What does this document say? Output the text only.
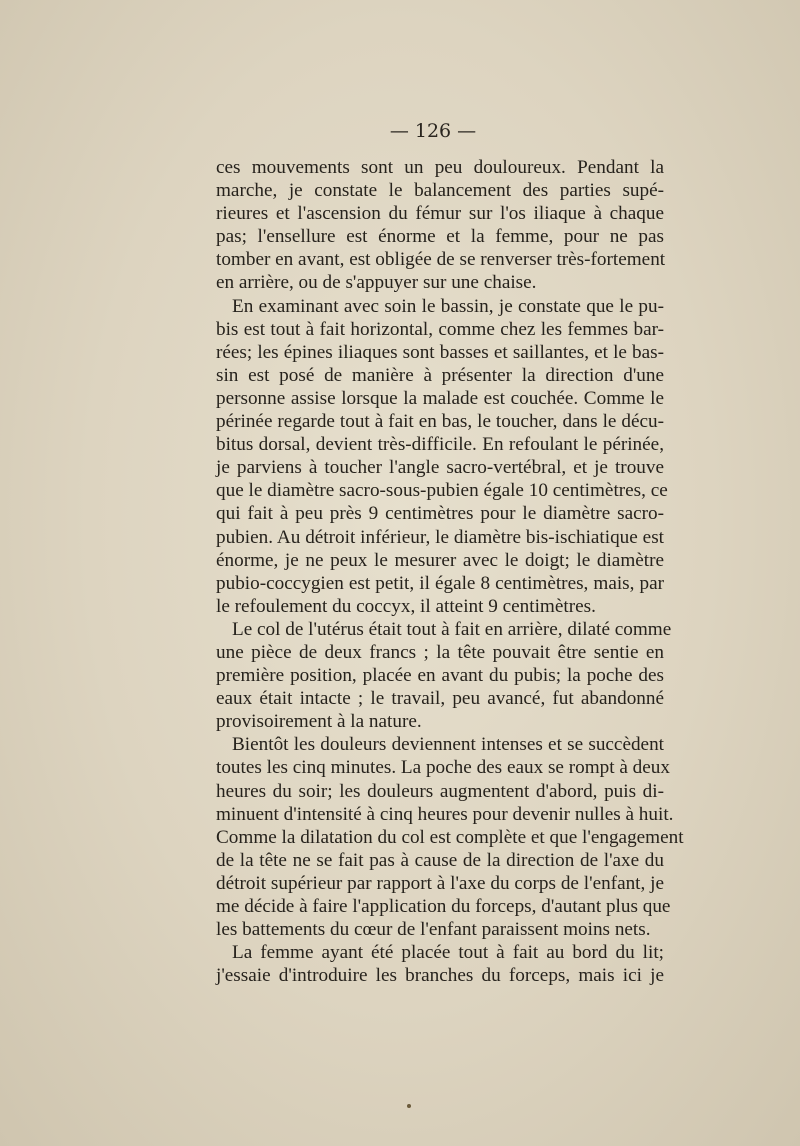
— 126 —
ces mouvements sont un peu douloureux. Pendant la
marche, je constate le balancement des parties supé-
rieures et l'ascension du fémur sur l'os iliaque à chaque
pas; l'ensellure est énorme et la femme, pour ne pas
tomber en avant, est obligée de se renverser très-fortement
en arrière, ou de s'appuyer sur une chaise.
En examinant avec soin le bassin, je constate que le pu-
bis est tout à fait horizontal, comme chez les femmes bar-
rées; les épines iliaques sont basses et saillantes, et le bas-
sin est posé de manière à présenter la direction d'une
personne assise lorsque la malade est couchée. Comme le
périnée regarde tout à fait en bas, le toucher, dans le décu-
bitus dorsal, devient très-difficile. En refoulant le périnée,
je parviens à toucher l'angle sacro-vertébral, et je trouve
que le diamètre sacro-sous-pubien égale 10 centimètres, ce
qui fait à peu près 9 centimètres pour le diamètre sacro-
pubien. Au détroit inférieur, le diamètre bis-ischiatique est
énorme, je ne peux le mesurer avec le doigt; le diamètre
pubio-coccygien est petit, il égale 8 centimètres, mais, par
le refoulement du coccyx, il atteint 9 centimètres.
Le col de l'utérus était tout à fait en arrière, dilaté comme
une pièce de deux francs ; la tête pouvait être sentie en
première position, placée en avant du pubis; la poche des
eaux était intacte ; le travail, peu avancé, fut abandonné
provisoirement à la nature.
Bientôt les douleurs deviennent intenses et se succèdent
toutes les cinq minutes. La poche des eaux se rompt à deux
heures du soir; les douleurs augmentent d'abord, puis di-
minuent d'intensité à cinq heures pour devenir nulles à huit.
Comme la dilatation du col est complète et que l'engagement
de la tête ne se fait pas à cause de la direction de l'axe du
détroit supérieur par rapport à l'axe du corps de l'enfant, je
me décide à faire l'application du forceps, d'autant plus que
les battements du cœur de l'enfant paraissent moins nets.
La femme ayant été placée tout à fait au bord du lit;
j'essaie d'introduire les branches du forceps, mais ici je
